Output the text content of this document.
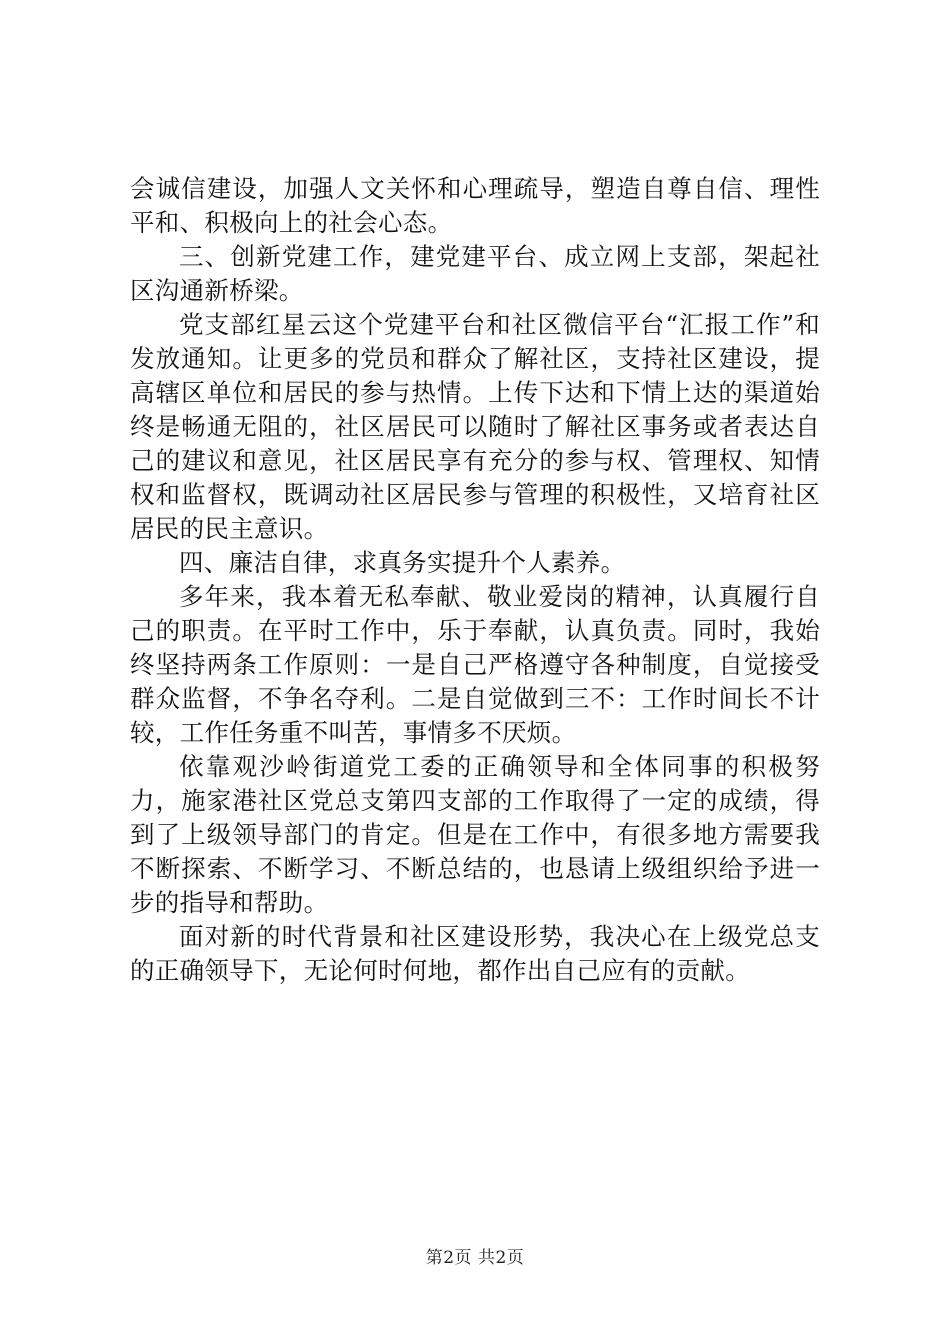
会诚信建设，加强人文关怀和心理疏导，塑造自尊自信、理性平和、积极向上的社会心态。

三、创新党建工作，建党建平台、成立网上支部，架起社区沟通新桥梁。

党支部红星云这个党建平台和社区微信平台“汇报工作”和发放通知。让更多的党员和群众了解社区，支持社区建设，提高辖区单位和居民的参与热情。上传下达和下情上达的渠道始终是畅通无阻的，社区居民可以随时了解社区事务或者表达自己的建议和意见，社区居民享有充分的参与权、管理权、知情权和监督权，既调动社区居民参与管理的积极性，又培育社区居民的民主意识。

四、廉洁自律，求真务实提升个人素养。

多年来，我本着无私奉献、敬业爱岗的精神，认真履行自己的职责。在平时工作中，乐于奉献，认真负责。同时，我始终坚持两条工作原则：一是自己严格遵守各种制度，自觉接受群众监督，不争名夺利。二是自觉做到三不：工作时间长不计较，工作任务重不叫苦，事情多不厌烦。

依靠观沙岭街道党工委的正确领导和全体同事的积极努力，施家港社区党总支第四支部的工作取得了一定的成绩，得到了上级领导部门的肯定。但是在工作中，有很多地方需要我不断探索、不断学习、不断总结的，也恳请上级组织给予进一步的指导和帮助。

面对新的时代背景和社区建设形势，我决心在上级党总支的正确领导下，无论何时何地，都作出自己应有的贡献。

第2页 共2页
